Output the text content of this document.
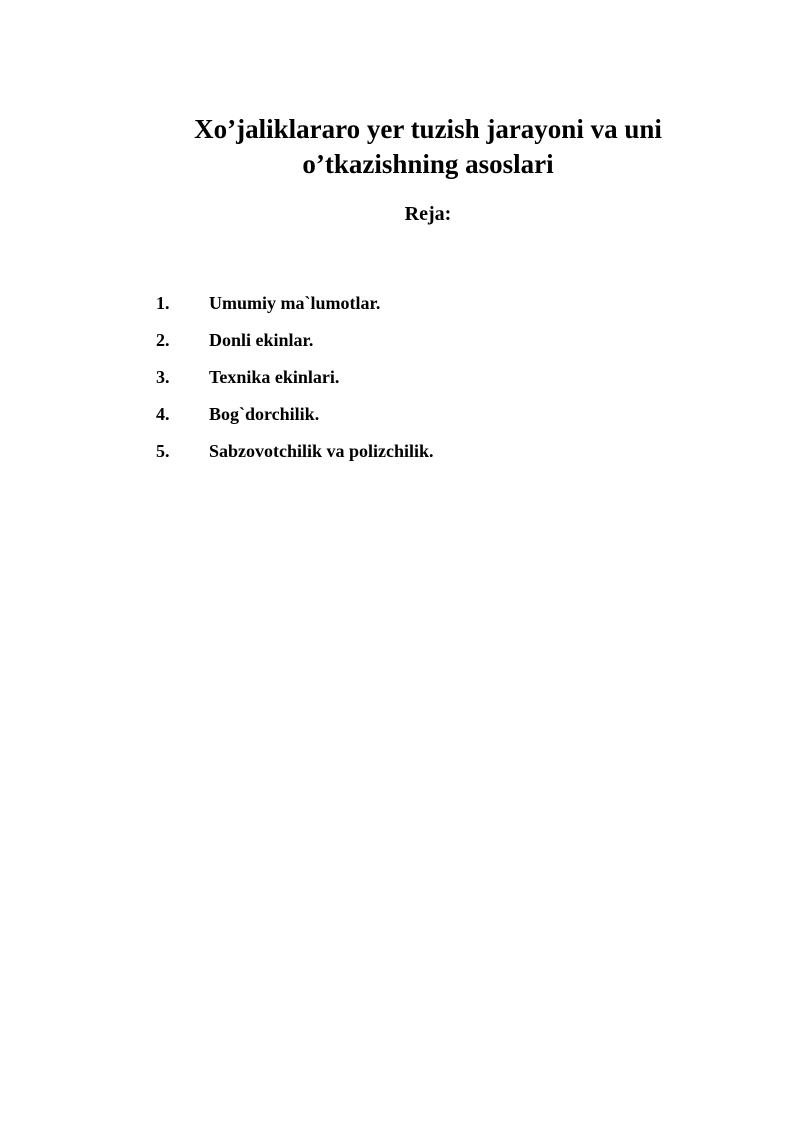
Xo’jaliklararo yer tuzish jarayoni va uni
o’tkazishning asoslari
Reja:
1.	Umumiy ma`lumotlar.
2.	Donli ekinlar.
3.	Texnika ekinlari.
4.	Bog`dorchilik.
5.	Sabzovotchilik va polizchilik.
